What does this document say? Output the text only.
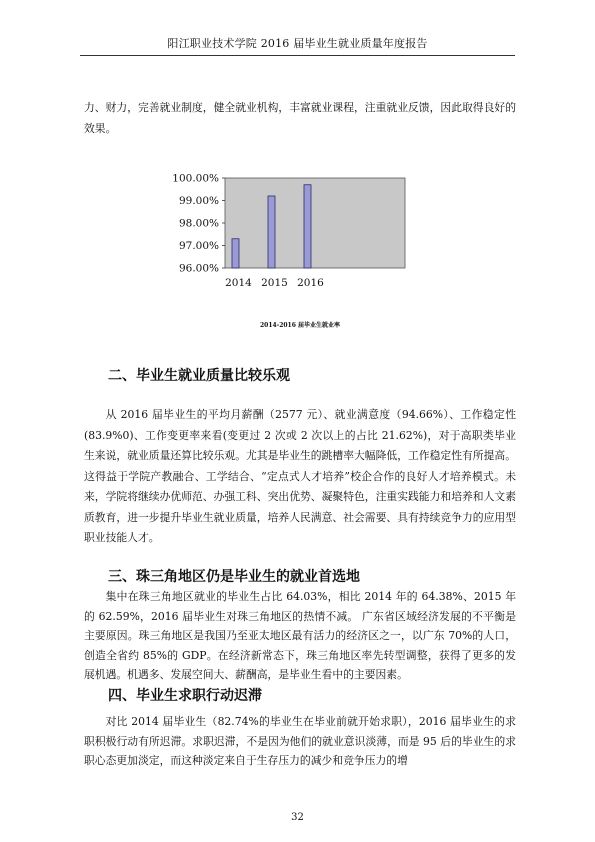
阳江职业技术学院 2016 届毕业生就业质量年度报告

力、财力，完善就业制度，健全就业机构，丰富就业课程，注重就业反馈，因此取得良好的效果。

96.00%
97.00%
98.00%
99.00%
100.00%
2014 2015 2016
2014-2016 届毕业生就业率
二、毕业生就业质量比较乐观

从 2016 届毕业生的平均月薪酬（2577 元）、就业满意度（94.66%）、工作稳定性(83.9%0)、工作变更率来看(变更过 2 次或 2 次以上的占比 21.62%)，对于高职类毕业生来说，就业质量还算比较乐观。尤其是毕业生的跳槽率大幅降低，工作稳定性有所提高。这得益于学院产教融合、工学结合、“定点式人才培养”校企合作的良好人才培养模式。未来，学院将继续办优师范、办强工科、突出优势、凝聚特色，注重实践能力和培养和人文素质教育，进一步提升毕业生就业质量，培养人民满意、社会需要、具有持续竞争力的应用型职业技能人才。

三、珠三角地区仍是毕业生的就业首选地

集中在珠三角地区就业的毕业生占比 64.03%，相比 2014 年的 64.38%、2015 年的 62.59%，2016 届毕业生对珠三角地区的热情不减。 广东省区域经济发展的不平衡是主要原因。珠三角地区是我国乃至亚太地区最有活力的经济区之一，以广东 70%的人口，创造全省约 85%的 GDP。在经济新常态下，珠三角地区率先转型调整，获得了更多的发展机遇。机遇多、发展空间大、薪酬高，是毕业生看中的主要因素。

四、毕业生求职行动迟滞

对比 2014 届毕业生（82.74%的毕业生在毕业前就开始求职），2016 届毕业生的求职积极行动有所迟滞。求职迟滞，不是因为他们的就业意识淡薄，而是 95 后的毕业生的求职心态更加淡定，而这种淡定来自于生存压力的减少和竞争压力的增

32
